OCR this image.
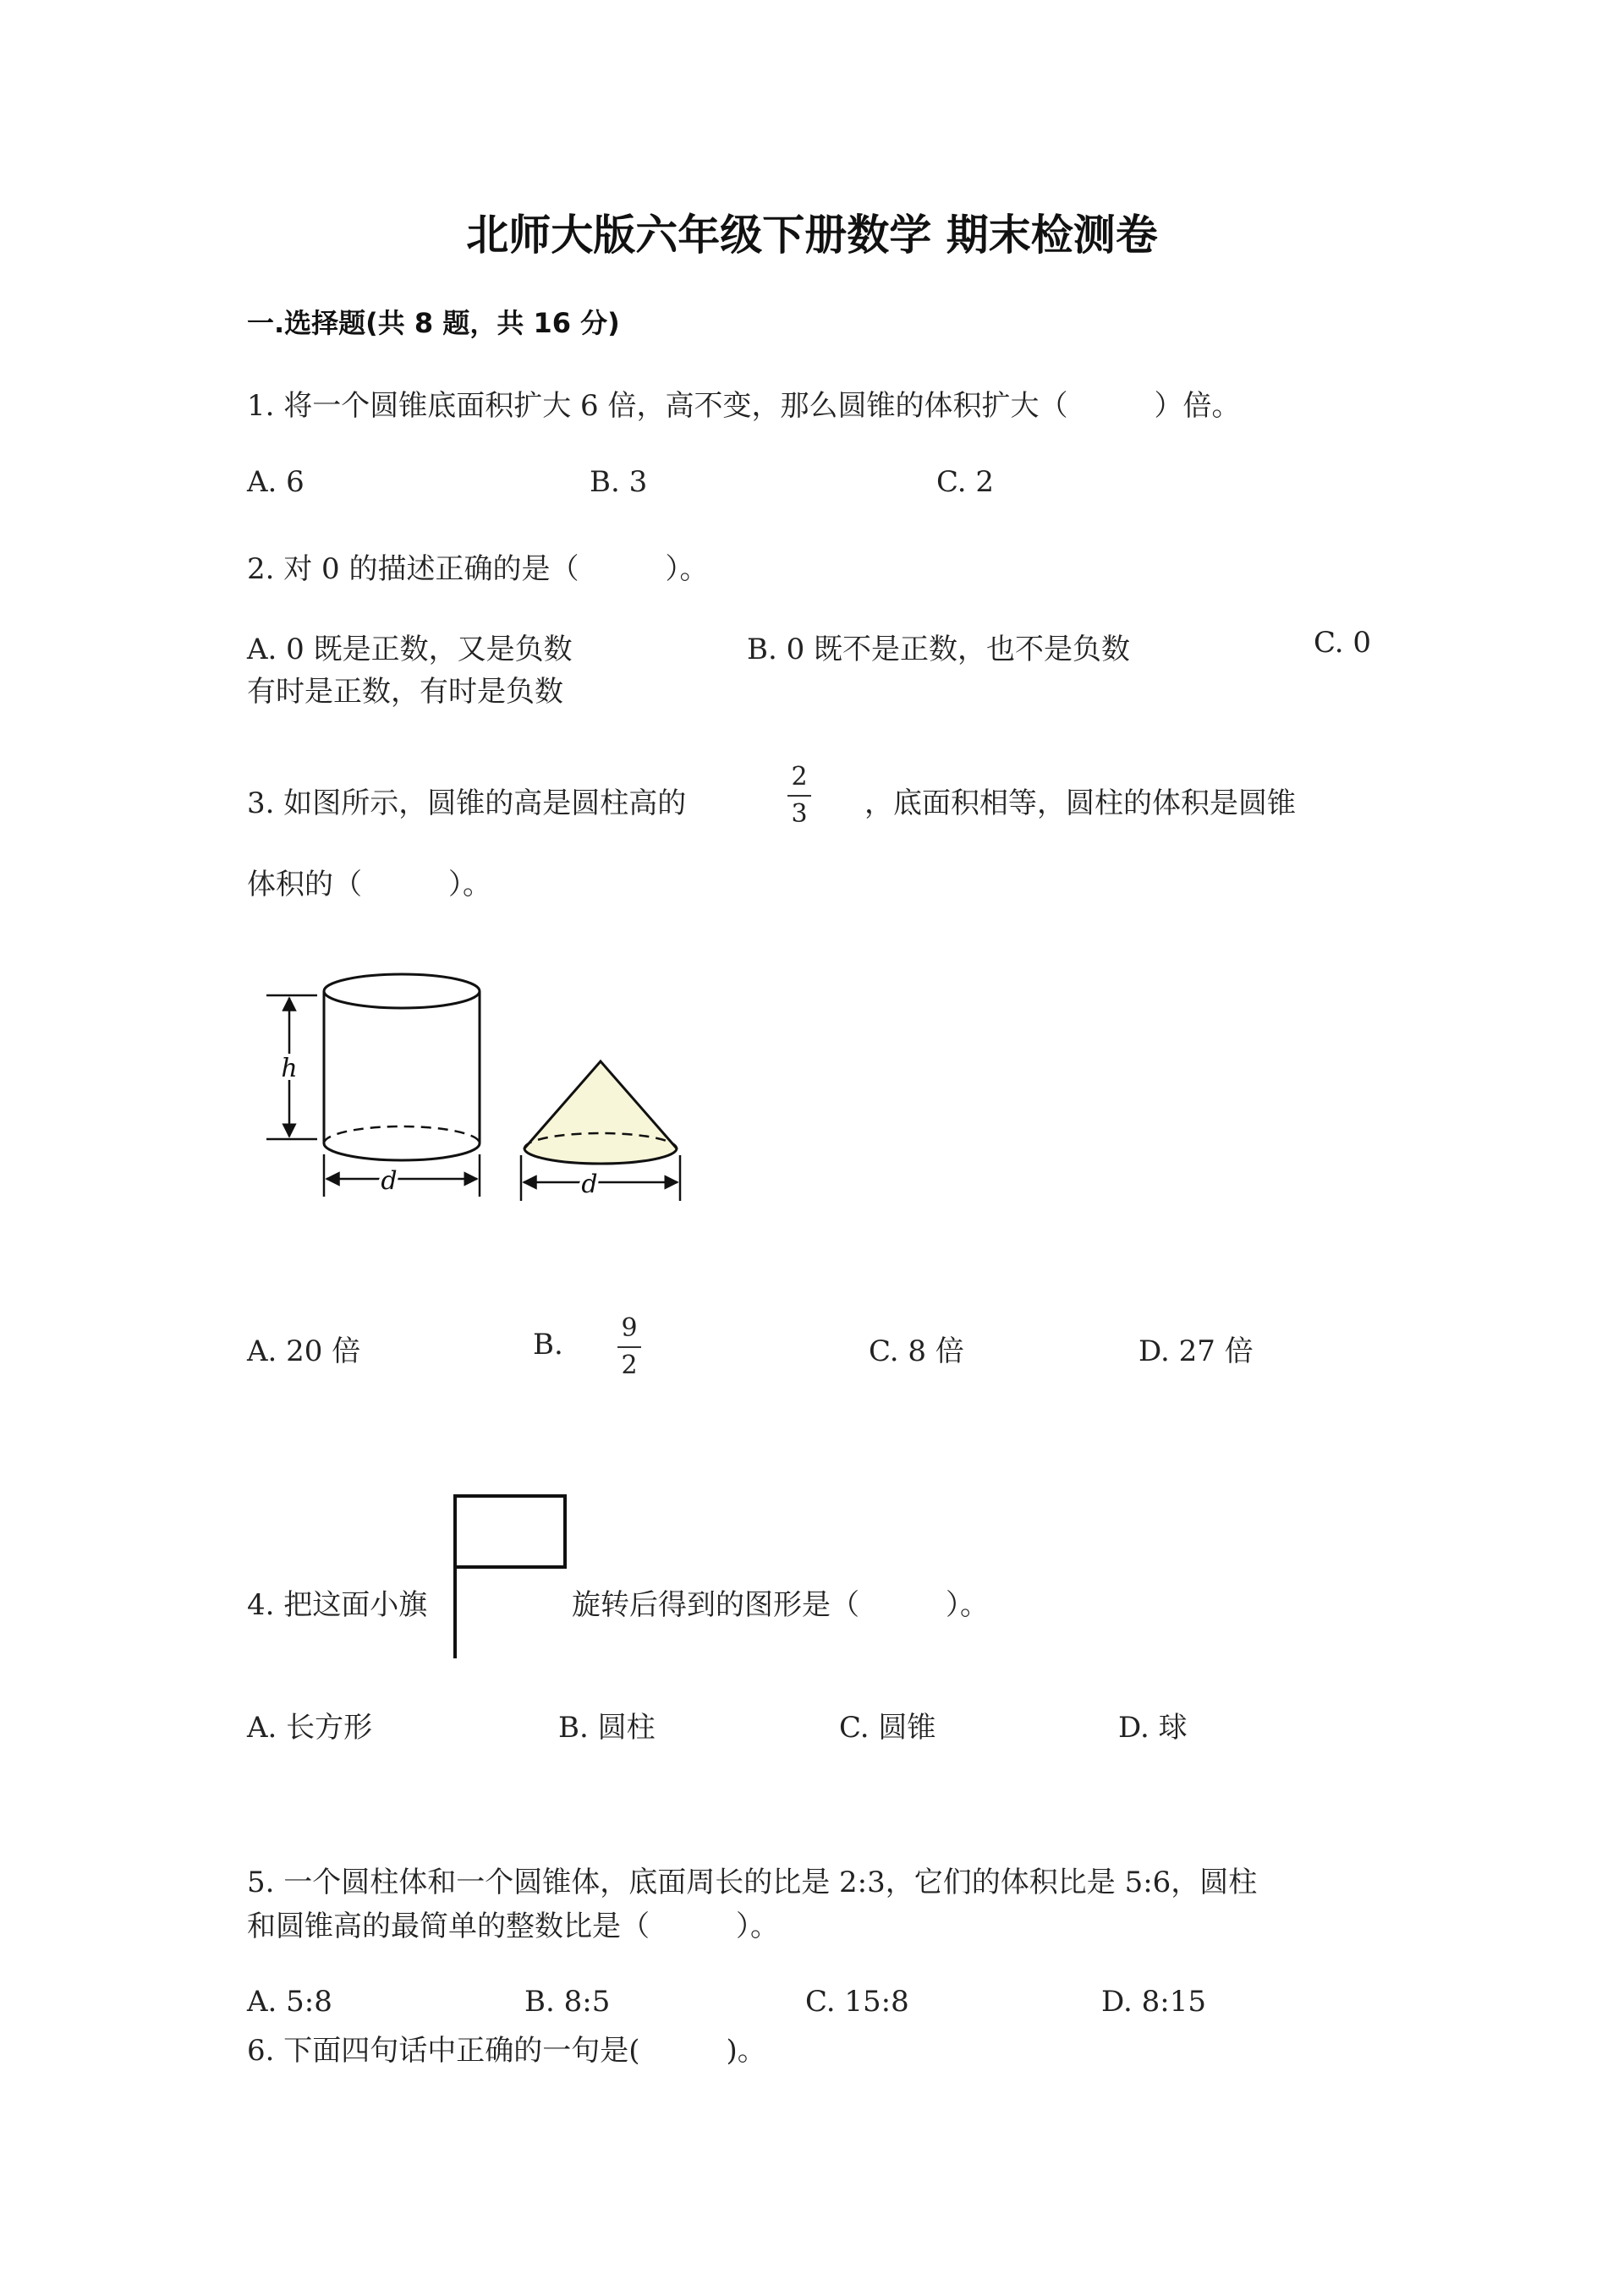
北师大版六年级下册数学 期末检测卷
一.选择题(共 8 题，共 16 分)
1. 将一个圆锥底面积扩大 6 倍，高不变，那么圆锥的体积扩大（　　　）倍。
A. 6	B. 3	C. 2
2. 对 0 的描述正确的是（　　　）。
A. 0 既是正数，又是负数	B. 0 既不是正数，也不是负数	C. 0
有时是正数，有时是负数
3. 如图所示，圆锥的高是圆柱高的
2
3	，底面积相等，圆柱的体积是圆锥
体积的（　　　）。
h
d	d
A. 20 倍	B.	9
2	C. 8 倍	D. 27 倍
4. 把这面小旗	旋转后得到的图形是（　　　）。
A. 长方形	B. 圆柱	C. 圆锥	D. 球
5. 一个圆柱体和一个圆锥体，底面周长的比是 2:3，它们的体积比是 5:6，圆柱
和圆锥高的最简单的整数比是（　　　）。
A. 5:8	B. 8:5	C. 15:8	D. 8:15
6. 下面四句话中正确的一句是(　　　)。
